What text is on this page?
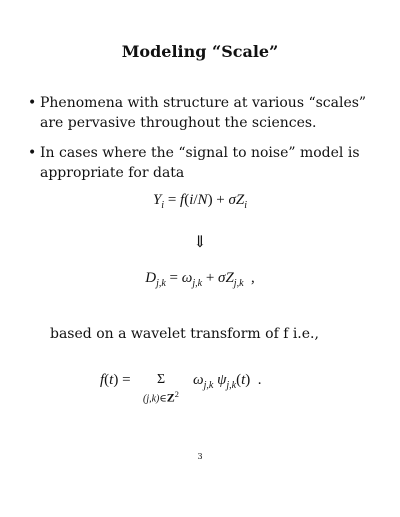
Modeling “Scale”
• Phenomena with structure at various “scales” are pervasive throughout the sciences.
• In cases where the “signal to noise” model is appropriate for data
$Y_i = f(i/N) + \sigma Z_i$
⇓
$D_{j,k} = \omega_{j,k} + \sigma Z_{j,k}$  ,
based on a wavelet transform of f i.e.,
f(t) = Σ
$(j,k)\in Z^2$
$\omega_{j,k}$ $\psi_{j,k}(t)$  .
3
